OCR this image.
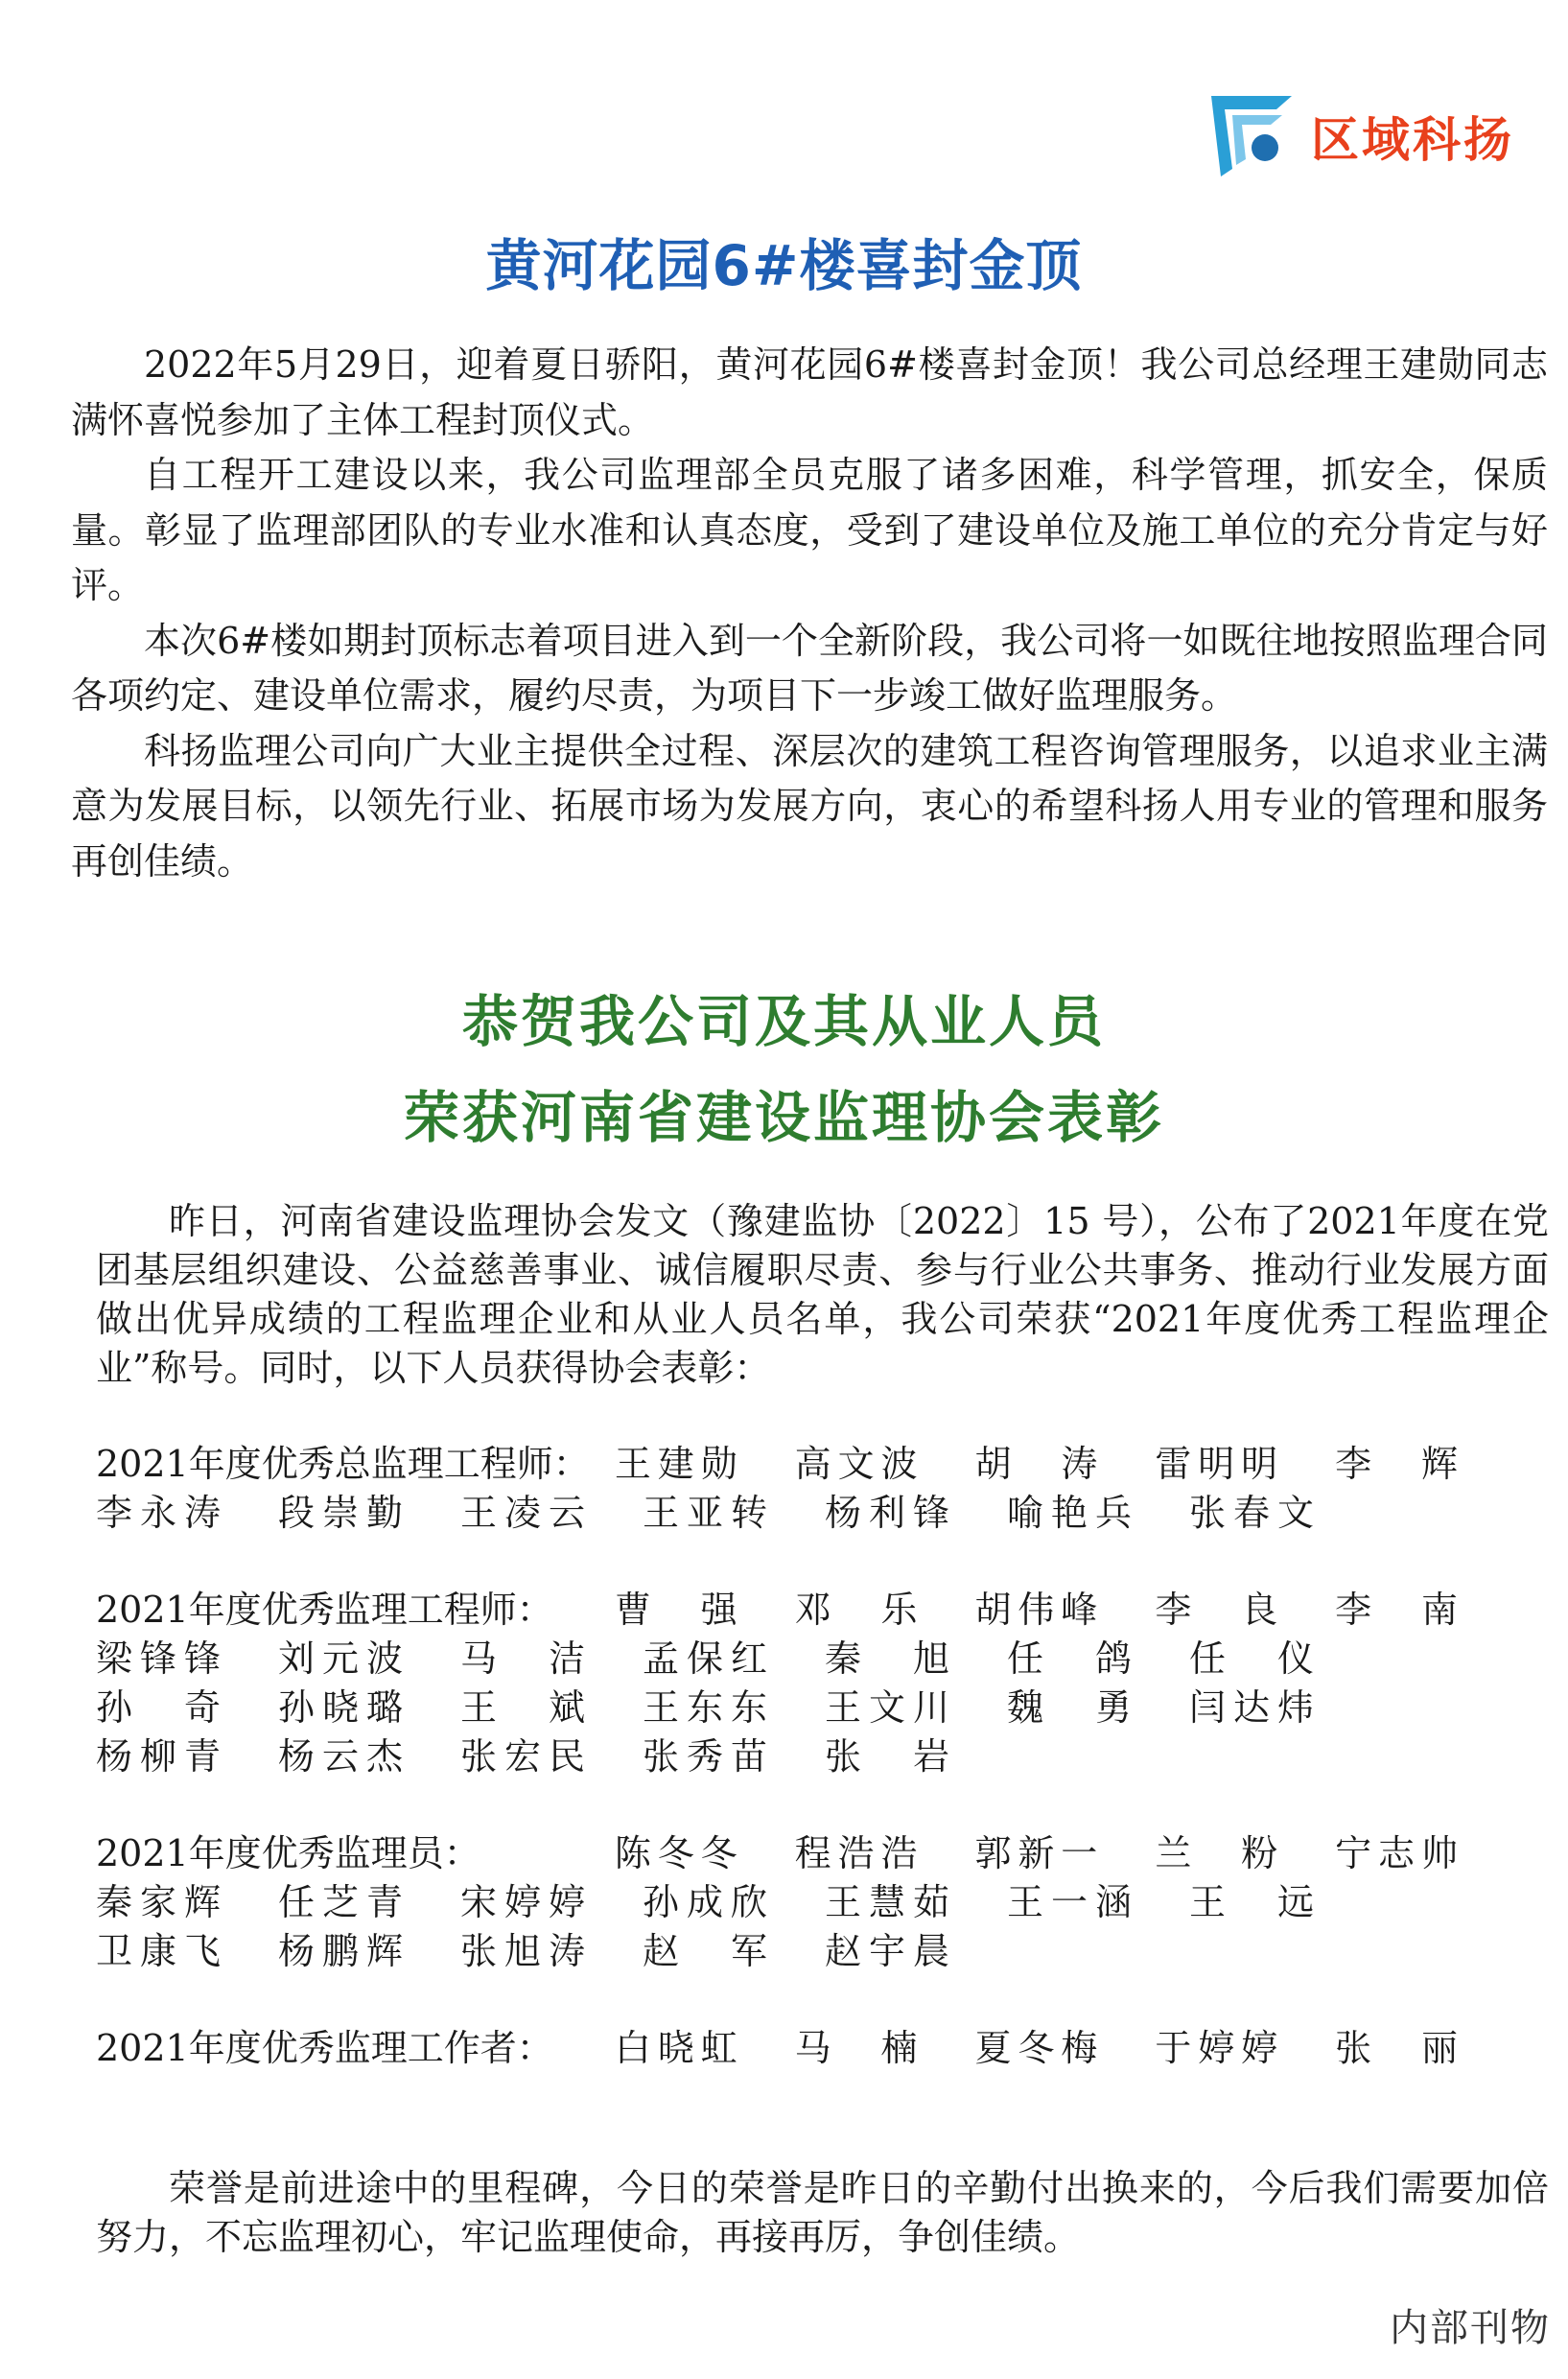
区域科扬
黄河花园6#楼喜封金顶

2022年5月29日，迎着夏日骄阳，黄河花园6#楼喜封金顶！我公司总经理王建勋同志满怀喜悦参加了主体工程封顶仪式。

自工程开工建设以来，我公司监理部全员克服了诸多困难，科学管理，抓安全，保质量。彰显了监理部团队的专业水准和认真态度，受到了建设单位及施工单位的充分肯定与好评。

本次6#楼如期封顶标志着项目进入到一个全新阶段，我公司将一如既往地按照监理合同各项约定、建设单位需求，履约尽责，为项目下一步竣工做好监理服务。

科扬监理公司向广大业主提供全过程、深层次的建筑工程咨询管理服务，以追求业主满意为发展目标，以领先行业、拓展市场为发展方向，衷心的希望科扬人用专业的管理和服务再创佳绩。

恭贺我公司及其从业人员
荣获河南省建设监理协会表彰

昨日，河南省建设监理协会发文（豫建监协〔2022〕15 号），公布了2021年度在党团基层组织建设、公益慈善事业、诚信履职尽责、参与行业公共事务、推动行业发展方面做出优异成绩的工程监理企业和从业人员名单，我公司荣获“2021年度优秀工程监理企业”称号。同时，以下人员获得协会表彰：

2021年度优秀总监理工程师： 王建勋	高文波	胡 涛	雷明明	李 辉
李永涛	段崇勤	王凌云	王亚转	杨利锋	喻艳兵	张春文
2021年度优秀监理工程师：	曹 强	邓 乐	胡伟峰	李 良	李 南
梁锋锋	刘元波	马 洁	孟保红	秦 旭	任 鸽	任 仪
孙 奇	孙晓璐	王 斌	王东东	王文川	魏 勇	闫达炜
杨柳青	杨云杰	张宏民	张秀苗	张 岩
2021年度优秀监理员：	陈冬冬	程浩浩	郭新一	兰 粉	宁志帅
秦家辉	任芝青	宋婷婷	孙成欣	王慧茹	王一涵	王 远
卫康飞	杨鹏辉	张旭涛	赵 军	赵宇晨
2021年度优秀监理工作者：	白晓虹	马 楠	夏冬梅	于婷婷	张 丽

荣誉是前进途中的里程碑，今日的荣誉是昨日的辛勤付出换来的，今后我们需要加倍努力，不忘监理初心，牢记监理使命，再接再厉，争创佳绩。

内部刊物
